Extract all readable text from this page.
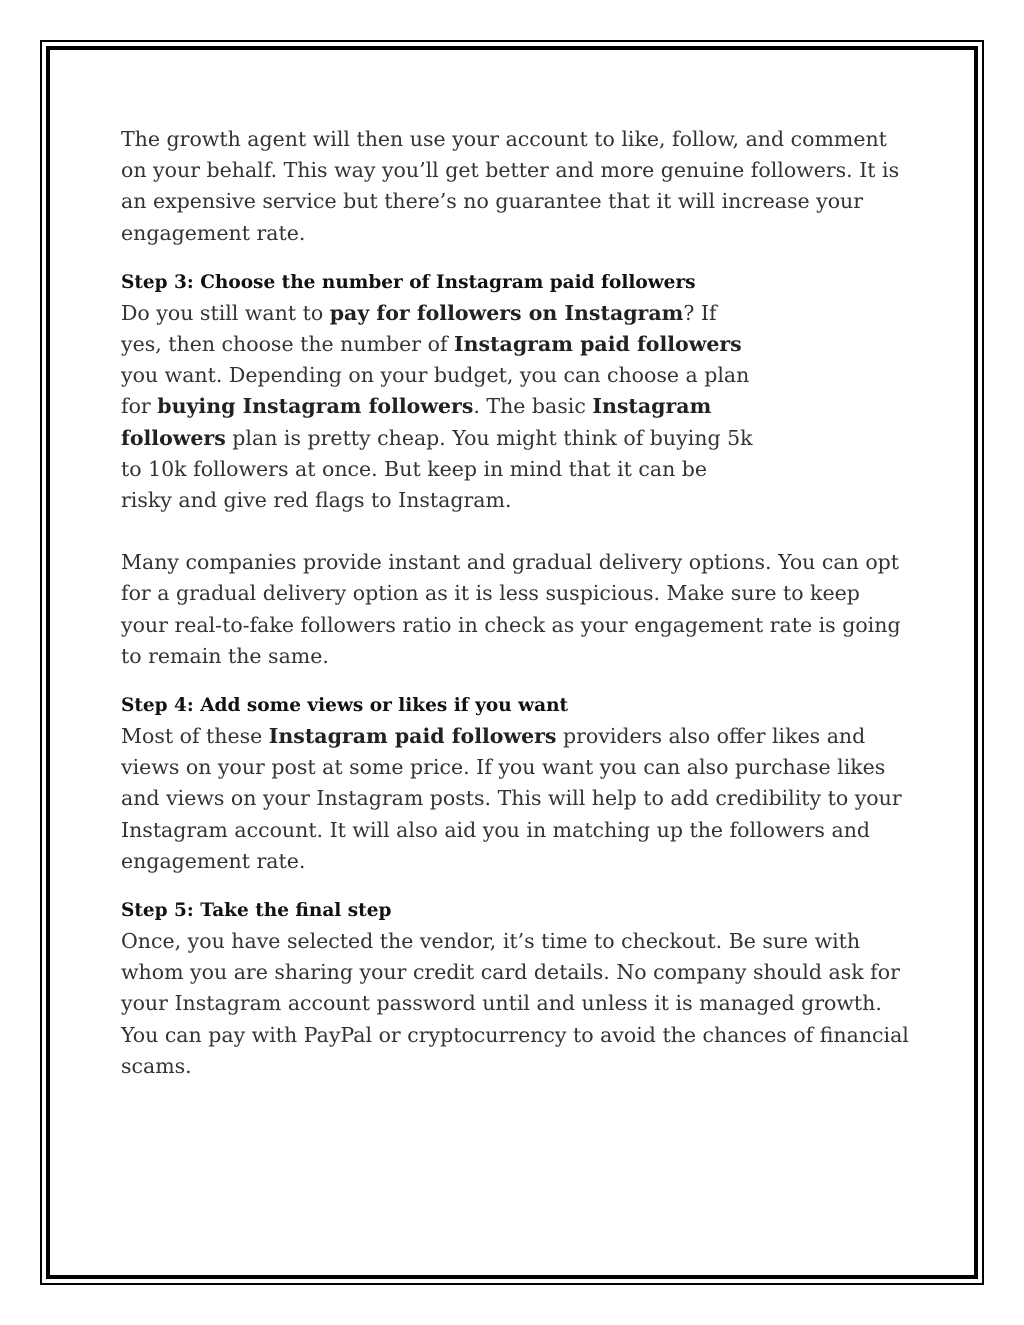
The growth agent will then use your account to like, follow, and comment on your behalf. This way you’ll get better and more genuine followers. It is an expensive service but there’s no guarantee that it will increase your engagement rate.

Step 3: Choose the number of Instagram paid followers

Do you still want to pay for followers on Instagram? If yes, then choose the number of Instagram paid followers you want. Depending on your budget, you can choose a plan for buying Instagram followers. The basic Instagram followers plan is pretty cheap. You might think of buying 5k to 10k followers at once. But keep in mind that it can be risky and give red flags to Instagram.

Many companies provide instant and gradual delivery options. You can opt for a gradual delivery option as it is less suspicious. Make sure to keep your real-to-fake followers ratio in check as your engagement rate is going to remain the same.

Step 4: Add some views or likes if you want

Most of these Instagram paid followers providers also offer likes and views on your post at some price. If you want you can also purchase likes and views on your Instagram posts. This will help to add credibility to your Instagram account. It will also aid you in matching up the followers and engagement rate.

Step 5: Take the final step

Once, you have selected the vendor, it’s time to checkout. Be sure with whom you are sharing your credit card details. No company should ask for your Instagram account password until and unless it is managed growth. You can pay with PayPal or cryptocurrency to avoid the chances of financial scams.
